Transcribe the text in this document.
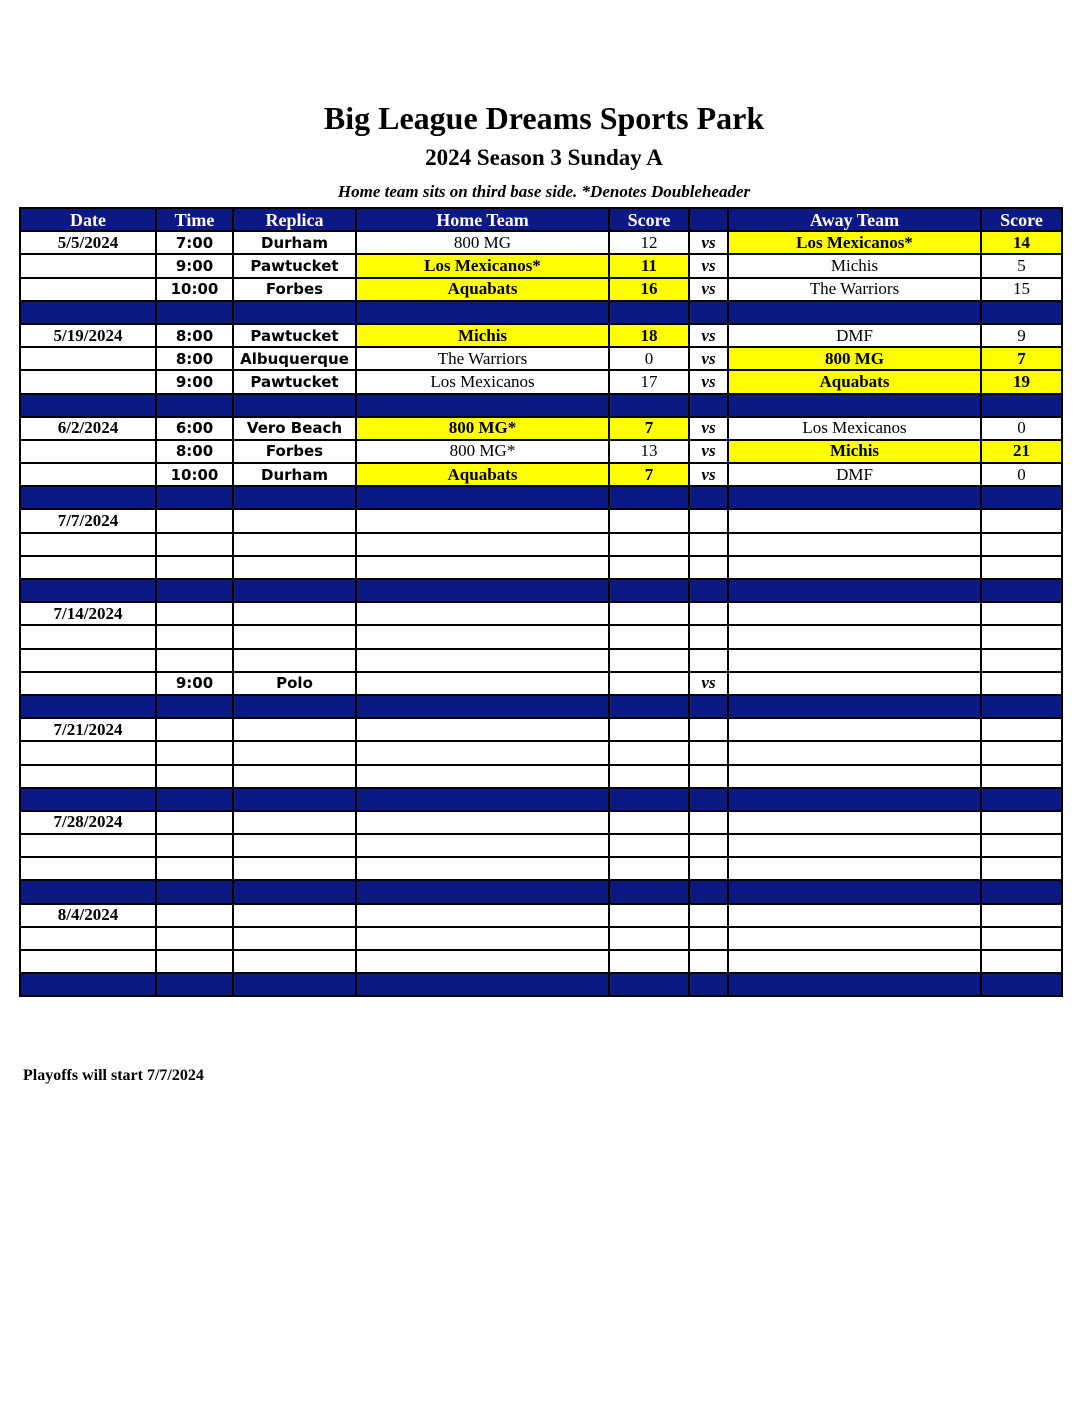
Big League Dreams Sports Park
2024 Season 3 Sunday A
Home team sits on third base side. *Denotes Doubleheader
Date	Time	Replica	Home Team	Score		Away Team	Score
5/5/2024	7:00	Durham	800 MG	12	vs	Los Mexicanos*	14
	9:00	Pawtucket	Los Mexicanos*	11	vs	Michis	5
	10:00	Forbes	Aquabats	16	vs	The Warriors	15

5/19/2024	8:00	Pawtucket	Michis	18	vs	DMF	9
	8:00	Albuquerque	The Warriors	0	vs	800 MG	7
	9:00	Pawtucket	Los Mexicanos	17	vs	Aquabats	19

6/2/2024	6:00	Vero Beach	800 MG*	7	vs	Los Mexicanos	0
	8:00	Forbes	800 MG*	13	vs	Michis	21
	10:00	Durham	Aquabats	7	vs	DMF	0

7/7/2024							

7/14/2024							

	9:00	Polo			vs		

7/21/2024							

7/28/2024							

8/4/2024							

Playoffs will start 7/7/2024
